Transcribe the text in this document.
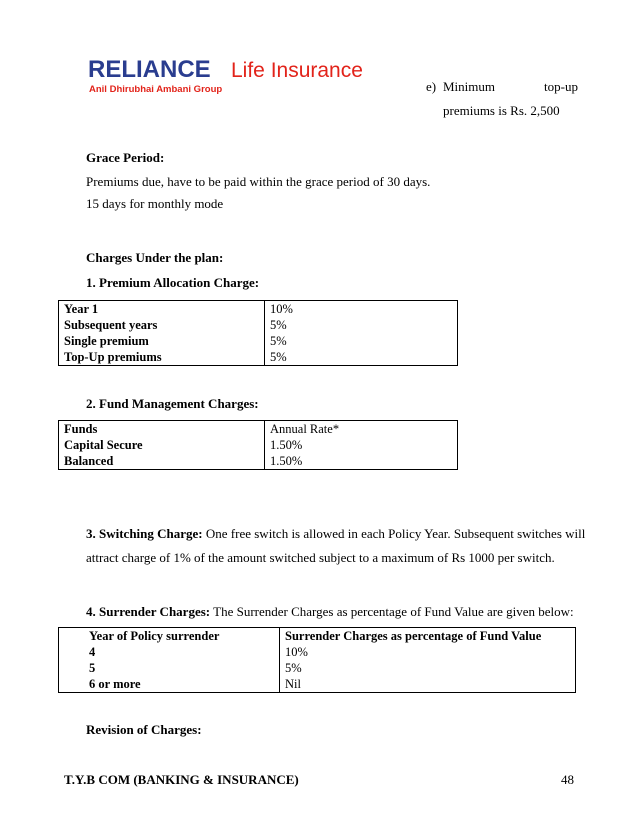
RELIANCE Life Insurance
Anil Dhirubhai Ambani Group	e) Minimum	top-up
premiums is Rs. 2,500
Grace Period:
Premiums due, have to be paid within the grace period of 30 days.
15 days for monthly mode
Charges Under the plan:
1. Premium Allocation Charge:
Year 1	10%
Subsequent years	5%
Single premium	5%
Top-Up premiums	5%
2. Fund Management Charges:
Funds	Annual Rate*
Capital Secure	1.50%
Balanced	1.50%
3. Switching Charge: One free switch is allowed in each Policy Year. Subsequent switches will
attract charge of 1% of the amount switched subject to a maximum of Rs 1000 per switch.
4. Surrender Charges: The Surrender Charges as percentage of Fund Value are given below:
Year of Policy surrender	Surrender Charges as percentage of Fund Value
4	10%
5	5%
6 or more	Nil
Revision of Charges:
T.Y.B COM (BANKING & INSURANCE)	48
